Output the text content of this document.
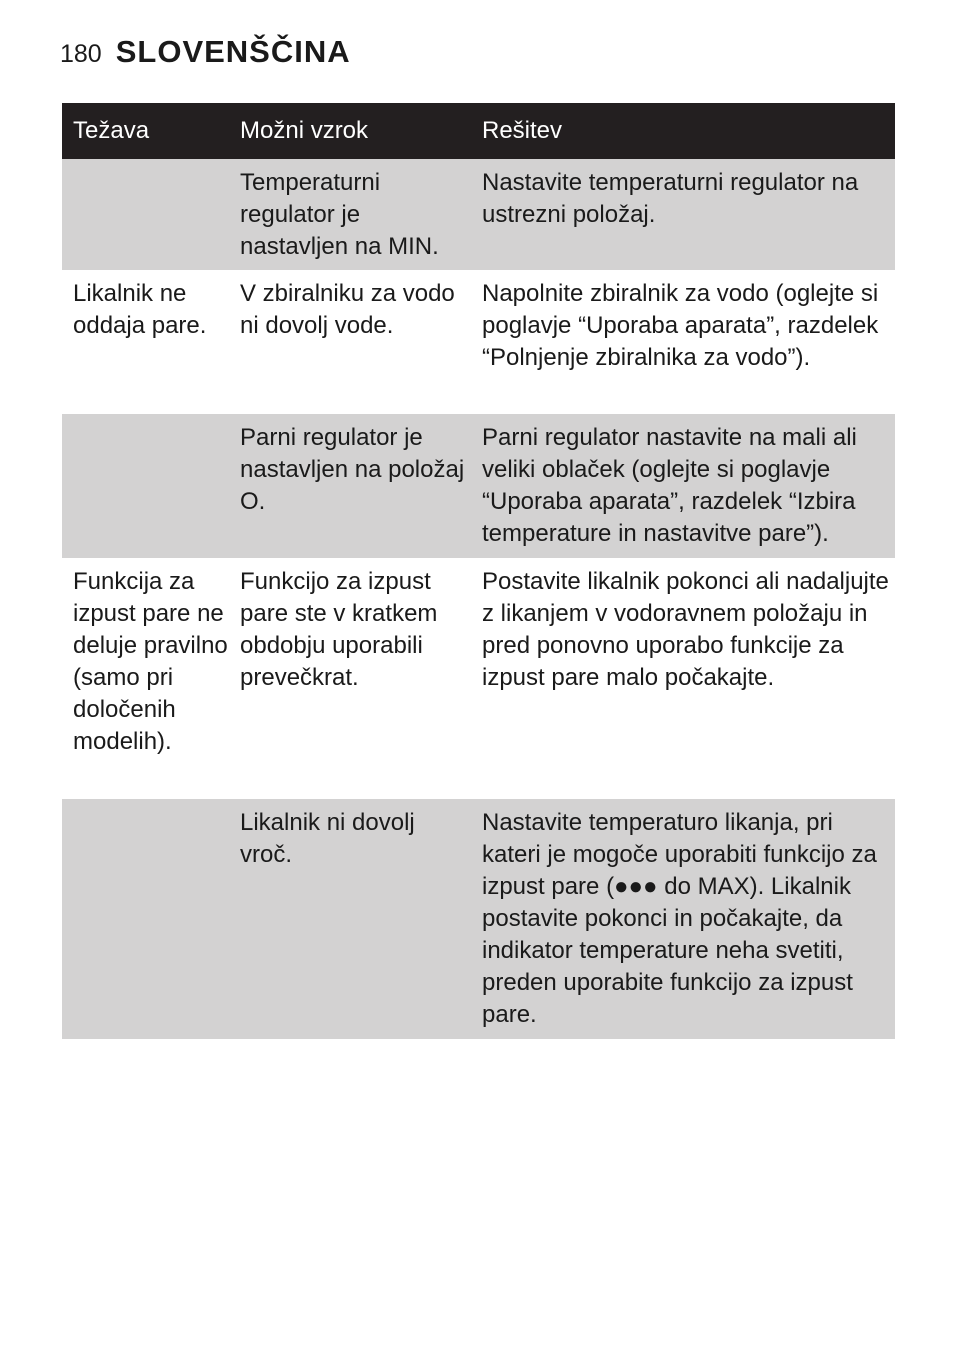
180 SLOVENŠČINA
Težava	Možni vzrok	Rešitev
Temperaturni regulator je nastavljen na MIN.
Nastavite temperaturni regulator na ustrezni položaj.
Likalnik ne oddaja pare.
V zbiralniku za vodo ni dovolj vode.
Napolnite zbiralnik za vodo (oglejte si poglavje “Uporaba aparata”, razdelek “Polnjenje zbiralnika za vodo”).
Parni regulator je nastavljen na položaj O.
Parni regulator nastavite na mali ali veliki oblaček (oglejte si poglavje “Uporaba aparata”, razdelek “Izbira temperature in nastavitve pare”).
Funkcija za izpust pare ne deluje pravilno (samo pri določenih modelih).
Funkcijo za izpust pare ste v kratkem obdobju uporabili prevečkrat.
Postavite likalnik pokonci ali nadaljujte z likanjem v vodoravnem položaju in pred ponovno uporabo funkcije za izpust pare malo počakajte.
Likalnik ni dovolj vroč.
Nastavite temperaturo likanja, pri kateri je mogoče uporabiti funkcijo za izpust pare (●●● do MAX). Likalnik postavite pokonci in počakajte, da indikator temperature neha svetiti, preden uporabite funkcijo za izpust pare.
